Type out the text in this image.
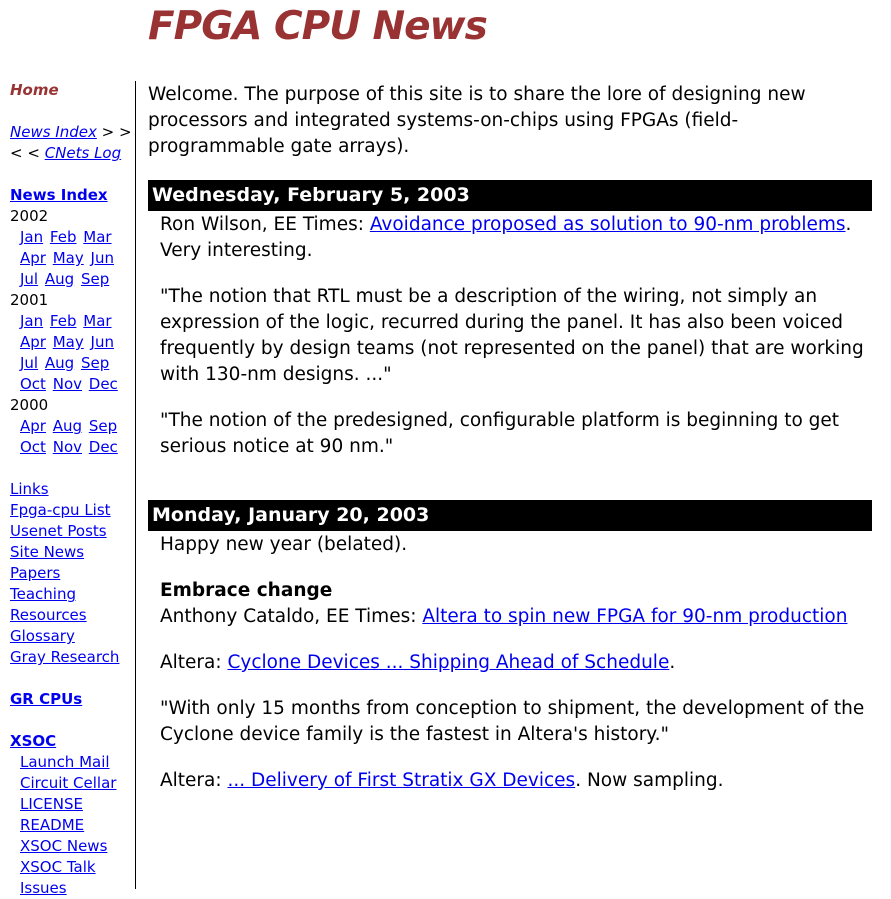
FPGA CPU News
Home
News Index > >
< < CNets Log
News Index
2002
Jan Feb Mar
Apr May Jun
Jul Aug Sep
2001
Jan Feb Mar
Apr May Jun
Jul Aug Sep
Oct Nov Dec
2000
Apr Aug Sep
Oct Nov Dec
Links
Fpga-cpu List
Usenet Posts
Site News
Papers
Teaching
Resources
Glossary
Gray Research
GR CPUs
XSOC
Launch Mail
Circuit Cellar
LICENSE
README
XSOC News
XSOC Talk
Issues

Welcome. The purpose of this site is to share the lore of designing new processors and integrated systems-on-chips using FPGAs (field-programmable gate arrays).

Wednesday, February 5, 2003

Ron Wilson, EE Times: Avoidance proposed as solution to 90-nm problems. Very interesting.

"The notion that RTL must be a description of the wiring, not simply an expression of the logic, recurred during the panel. It has also been voiced frequently by design teams (not represented on the panel) that are working with 130-nm designs. ..."

"The notion of the predesigned, configurable platform is beginning to get serious notice at 90 nm."

Monday, January 20, 2003

Happy new year (belated).

Embrace change
Anthony Cataldo, EE Times: Altera to spin new FPGA for 90-nm production

Altera: Cyclone Devices ... Shipping Ahead of Schedule.

"With only 15 months from conception to shipment, the development of the Cyclone device family is the fastest in Altera's history."

Altera: ... Delivery of First Stratix GX Devices. Now sampling.
